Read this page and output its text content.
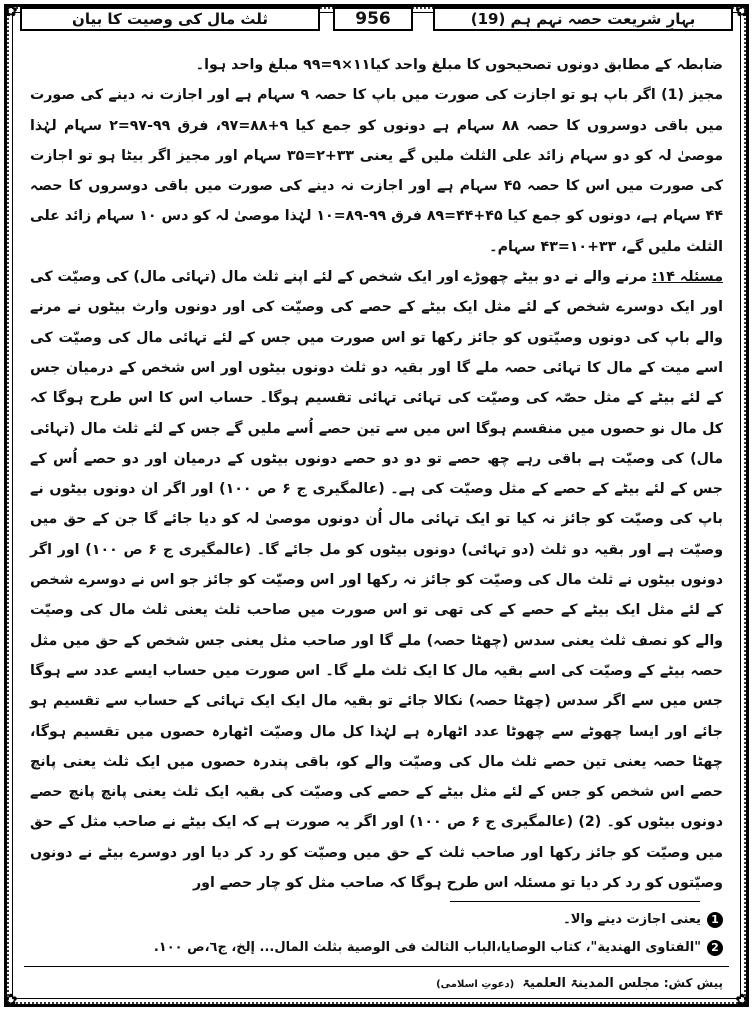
✿	✿
✿	✿
بہارِ شریعت حصہ نہم ہم (19)
956
ثلث مال کی وصیت کا بیان

ضابطہ کے مطابق دونوں تصحیحوں کا مبلغ واحد کیا۱۱×۹=۹۹ مبلغ واحد ہوا۔

مجیز (1) اگر باپ ہو تو اجازت کی صورت میں باپ کا حصہ ۹ سہام ہے اور اجازت نہ دینے کی صورت میں باقی دوسروں کا حصہ ۸۸ سہام ہے دونوں کو جمع کیا ۹+۸۸=۹۷، فرق ۹۹-۹۷=۲ سہام لہٰذا موصیٰ لہ کو دو سہام زائد علی الثلث ملیں گے یعنی ۳۳+۲=۳۵ سہام اور مجیز اگر بیٹا ہو تو اجازت کی صورت میں اس کا حصہ ۴۵ سہام ہے اور اجازت نہ دینے کی صورت میں باقی دوسروں کا حصہ ۴۴ سہام ہے، دونوں کو جمع کیا ۴۵+۴۴=۸۹ فرق ۹۹-۸۹=۱۰ لہٰذا موصیٰ لہ کو دس ۱۰ سہام زائد علی الثلث ملیں گے، ۳۳+۱۰=۴۳ سہام۔

مسئلہ ۱۴: مرنے والے نے دو بیٹے چھوڑے اور ایک شخص کے لئے اپنے ثلث مال (تہائی مال) کی وصیّت کی اور ایک دوسرے شخص کے لئے مثل ایک بیٹے کے حصے کی وصیّت کی اور دونوں وارث بیٹوں نے مرنے والے باپ کی دونوں وصیّتوں کو جائز رکھا تو اس صورت میں جس کے لئے تہائی مال کی وصیّت کی اسے میت کے مال کا تہائی حصہ ملے گا اور بقیہ دو ثلث دونوں بیٹوں اور اس شخص کے درمیان جس کے لئے بیٹے کے مثل حصّہ کی وصیّت کی تہائی تہائی تقسیم ہوگا۔ حساب اس کا اس طرح ہوگا کہ کل مال نو حصوں میں منقسم ہوگا اس میں سے تین حصے اُسے ملیں گے جس کے لئے ثلث مال (تہائی مال) کی وصیّت ہے باقی رہے چھ حصے تو دو دو حصے دونوں بیٹوں کے درمیان اور دو حصے اُس کے جس کے لئے بیٹے کے حصے کے مثل وصیّت کی ہے۔ (عالمگیری ج ۶ ص ۱۰۰) اور اگر ان دونوں بیٹوں نے باپ کی وصیّت کو جائز نہ کیا تو ایک تہائی مال اُن دونوں موصیٰ لہ کو دیا جائے گا جن کے حق میں وصیّت ہے اور بقیہ دو ثلث (دو تہائی) دونوں بیٹوں کو مل جائے گا۔ (عالمگیری ج ۶ ص ۱۰۰) اور اگر دونوں بیٹوں نے ثلث مال کی وصیّت کو جائز نہ رکھا اور اس وصیّت کو جائز جو اس نے دوسرے شخص کے لئے مثل ایک بیٹے کے حصے کے کی تھی تو اس صورت میں صاحب ثلث یعنی ثلث مال کی وصیّت والے کو نصف ثلث یعنی سدس (چھٹا حصہ) ملے گا اور صاحب مثل یعنی جس شخص کے حق میں مثل حصہ بیٹے کے وصیّت کی اسے بقیہ مال کا ایک ثلث ملے گا۔ اس صورت میں حساب ایسے عدد سے ہوگا جس میں سے اگر سدس (چھٹا حصہ) نکالا جائے تو بقیہ مال ایک ایک تہائی کے حساب سے تقسیم ہو جائے اور ایسا چھوٹے سے چھوٹا عدد اٹھارہ ہے لہٰذا کل مال وصیّت اٹھارہ حصوں میں تقسیم ہوگا، چھٹا حصہ یعنی تین حصے ثلث مال کی وصیّت والے کو، باقی پندرہ حصوں میں ایک ثلث یعنی پانچ حصے اس شخص کو جس کے لئے مثل بیٹے کے حصے کی وصیّت کی بقیہ ایک ثلث یعنی پانچ پانچ حصے دونوں بیٹوں کو۔ (2) (عالمگیری ج ۶ ص ۱۰۰) اور اگر یہ صورت ہے کہ ایک بیٹے نے صاحب مثل کے حق میں وصیّت کو جائز رکھا اور صاحب ثلث کے حق میں وصیّت کو رد کر دیا اور دوسرے بیٹے نے دونوں وصیّتوں کو رد کر دیا تو مسئلہ اس طرح ہوگا کہ صاحب مثل کو چار حصے اور

1
یعنی اجازت دینے والا۔
2
"الفتاوی الهندیة"، کتاب الوصایا،الباب الثالث فی الوصیة بثلث المال... إلخ، ج٦،ص ١٠٠.
پیش کش: مجلس المدینۃ العلمیۃ (دعوتِ اسلامی)
